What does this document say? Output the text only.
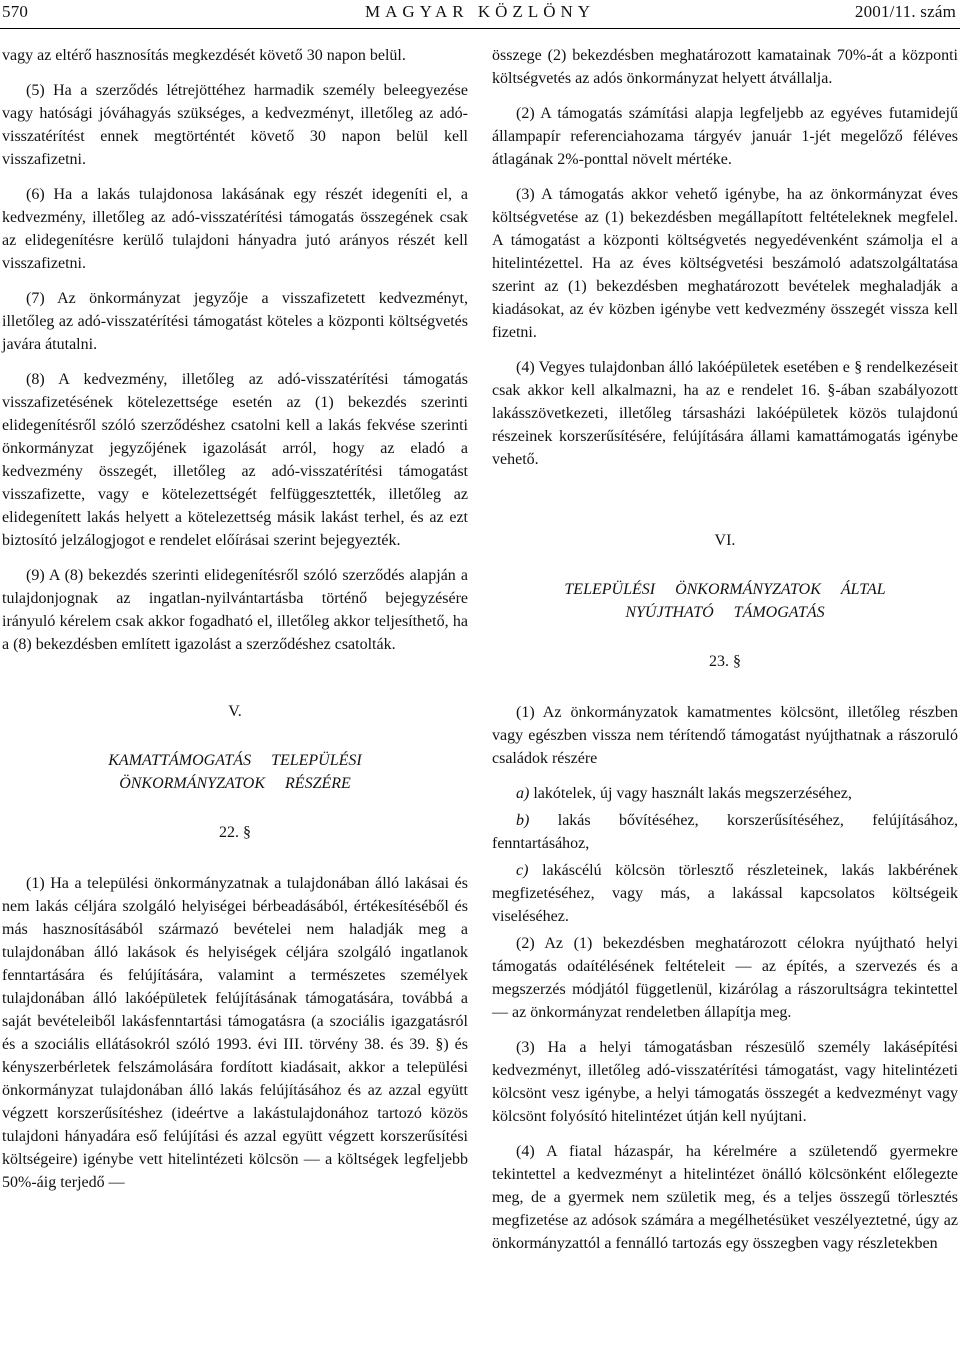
570	MAGYAR KÖZLÖNY	2001/11. szám

vagy az eltérő hasznosítás megkezdését követő 30 napon belül.

(5) Ha a szerződés létrejöttéhez harmadik személy beleegyezése vagy hatósági jóváhagyás szükséges, a kedvezményt, illetőleg az adó-visszatérítést ennek megtörténtét követő 30 napon belül kell visszafizetni.

(6) Ha a lakás tulajdonosa lakásának egy részét idegeníti el, a kedvezmény, illetőleg az adó-visszatérítési támogatás összegének csak az elidegenítésre kerülő tulajdoni hányadra jutó arányos részét kell visszafizetni.

(7) Az önkormányzat jegyzője a visszafizetett kedvezményt, illetőleg az adó-visszatérítési támogatást köteles a központi költségvetés javára átutalni.

(8) A kedvezmény, illetőleg az adó-visszatérítési támogatás visszafizetésének kötelezettsége esetén az (1) bekezdés szerinti elidegenítésről szóló szerződéshez csatolni kell a lakás fekvése szerinti önkormányzat jegyzőjének igazolását arról, hogy az eladó a kedvezmény összegét, illetőleg az adó-visszatérítési támogatást visszafizette, vagy e kötelezettségét felfüggesztették, illetőleg az elidegenített lakás helyett a kötelezettség másik lakást terhel, és az ezt biztosító jelzálogjogot e rendelet előírásai szerint bejegyezték.

(9) A (8) bekezdés szerinti elidegenítésről szóló szerződés alapján a tulajdonjognak az ingatlan-nyilvántartásba történő bejegyzésére irányuló kérelem csak akkor fogadható el, illetőleg akkor teljesíthető, ha a (8) bekezdésben említett igazolást a szerződéshez csatolták.

V.
KAMATTÁMOGATÁS     TELEPÜLÉSI
ÖNKORMÁNYZATOK     RÉSZÉRE
22. §

(1) Ha a települési önkormányzatnak a tulajdonában álló lakásai és nem lakás céljára szolgáló helyiségei bérbeadásából, értékesítéséből és más hasznosításából származó bevételei nem haladják meg a tulajdonában álló lakások és helyiségek céljára szolgáló ingatlanok fenntartására és felújítására, valamint a természetes személyek tulajdonában álló lakóépületek felújításának támogatására, továbbá a saját bevételeiből lakásfenntartási támogatásra (a szociális igazgatásról és a szociális ellátásokról szóló 1993. évi III. törvény 38. és 39. §) és kényszerbérletek felszámolására fordított kiadásait, akkor a települési önkormányzat tulajdonában álló lakás felújításához és az azzal együtt végzett korszerűsítéshez (ideértve a lakástulajdonához tartozó közös tulajdoni hányadára eső felújítási és azzal együtt végzett korszerűsítési költségeire) igénybe vett hitelintézeti kölcsön — a költségek legfeljebb 50%-áig terjedő —

összege (2) bekezdésben meghatározott kamatainak 70%-át a központi költségvetés az adós önkormányzat helyett átvállalja.

(2) A támogatás számítási alapja legfeljebb az egyéves futamidejű állampapír referenciahozama tárgyév január 1-jét megelőző féléves átlagának 2%-ponttal növelt mértéke.

(3) A támogatás akkor vehető igénybe, ha az önkormányzat éves költségvetése az (1) bekezdésben megállapított feltételeknek megfelel. A támogatást a központi költségvetés negyedévenként számolja el a hitelintézettel. Ha az éves költségvetési beszámoló adatszolgáltatása szerint az (1) bekezdésben meghatározott bevételek meghaladják a kiadásokat, az év közben igénybe vett kedvezmény összegét vissza kell fizetni.

(4) Vegyes tulajdonban álló lakóépületek esetében e § rendelkezéseit csak akkor kell alkalmazni, ha az e rendelet 16. §-ában szabályozott lakásszövetkezeti, illetőleg társasházi lakóépületek közös tulajdonú részeinek korszerűsítésére, felújítására állami kamattámogatás igénybe vehető.

VI.
TELEPÜLÉSI     ÖNKORMÁNYZATOK     ÁLTAL
NYÚJTHATÓ     TÁMOGATÁS
23. §

(1) Az önkormányzatok kamatmentes kölcsönt, illetőleg részben vagy egészben vissza nem térítendő támogatást nyújthatnak a rászoruló családok részére

a) lakótelek, új vagy használt lakás megszerzéséhez,

b) lakás bővítéséhez, korszerűsítéséhez, felújításához, fenntartásához,

c) lakáscélú kölcsön törlesztő részleteinek, lakás lakbérének megfizetéséhez, vagy más, a lakással kapcsolatos költségeik viseléséhez.

(2) Az (1) bekezdésben meghatározott célokra nyújtható helyi támogatás odaítélésének feltételeit — az építés, a szervezés és a megszerzés módjától függetlenül, kizárólag a rászorultságra tekintettel — az önkormányzat rendeletben állapítja meg.

(3) Ha a helyi támogatásban részesülő személy lakásépítési kedvezményt, illetőleg adó-visszatérítési támogatást, vagy hitelintézeti kölcsönt vesz igénybe, a helyi támogatás összegét a kedvezményt vagy kölcsönt folyósító hitelintézet útján kell nyújtani.

(4) A fiatal házaspár, ha kérelmére a születendő gyermekre tekintettel a kedvezményt a hitelintézet önálló kölcsönként előlegezte meg, de a gyermek nem születik meg, és a teljes összegű törlesztés megfizetése az adósok számára a megélhetésüket veszélyeztetné, úgy az önkormányzattól a fennálló tartozás egy összegben vagy részletekben
